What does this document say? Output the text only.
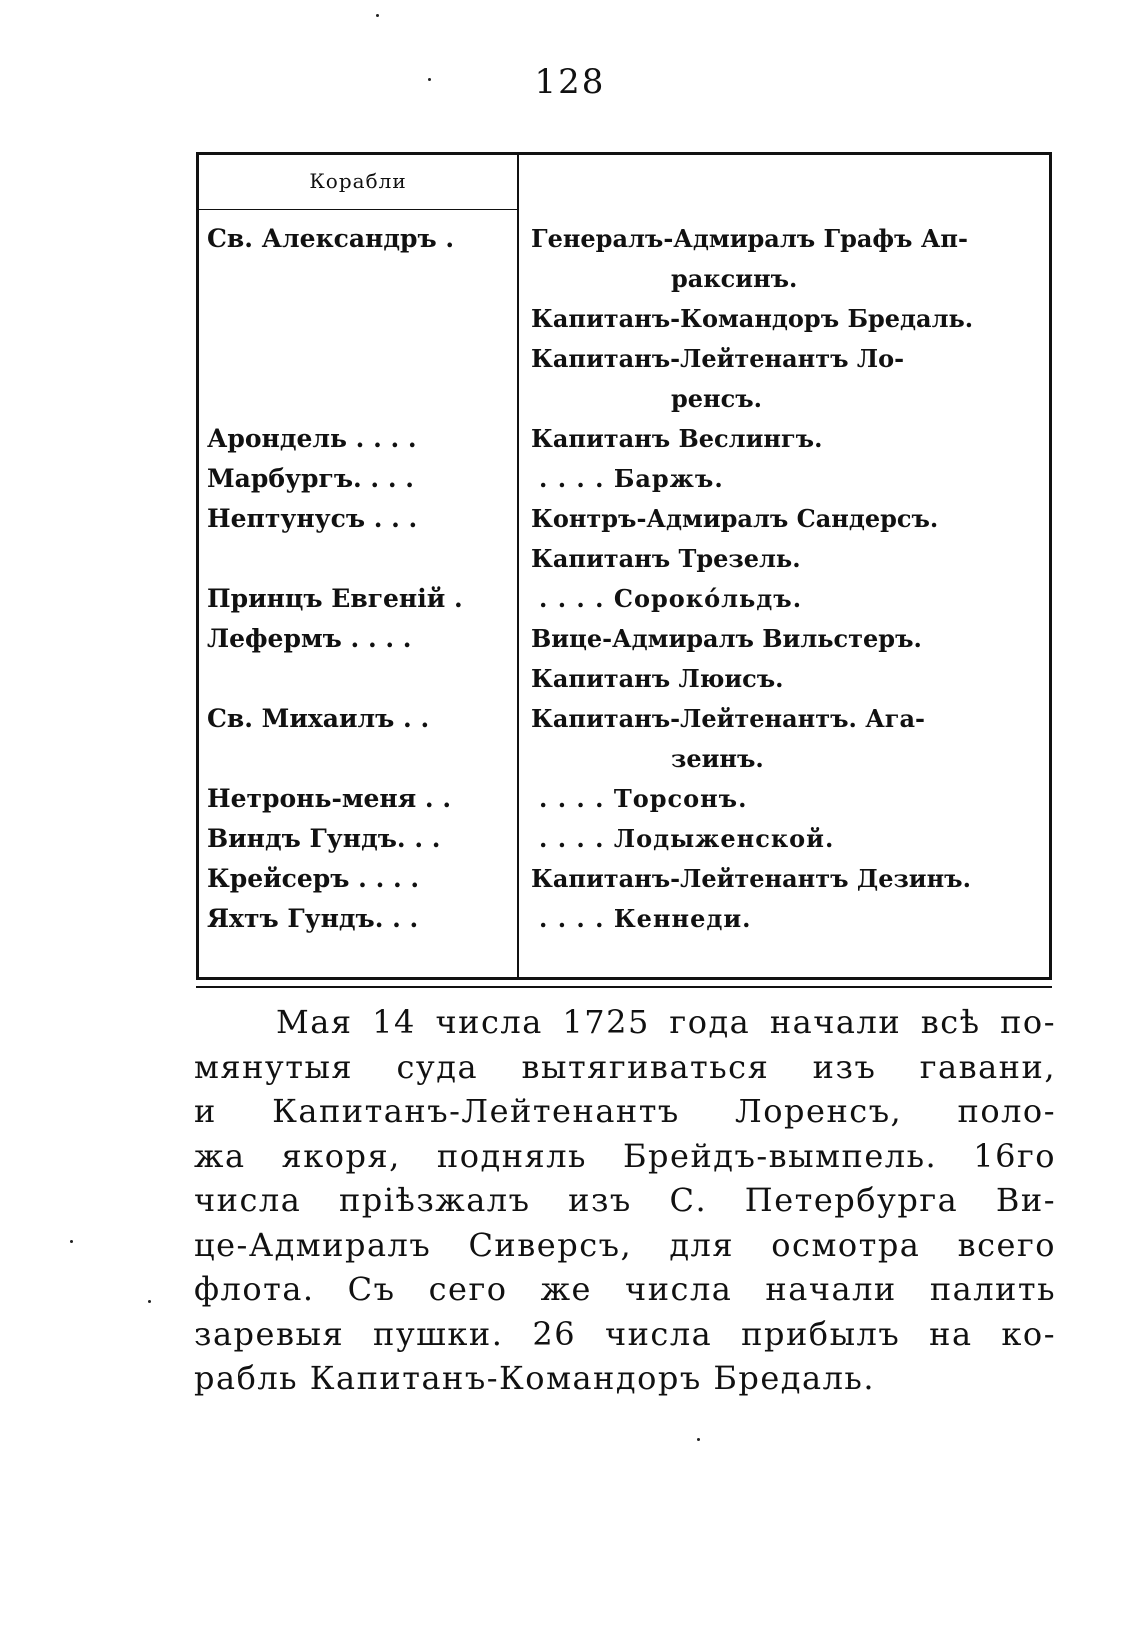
128
Корабли
Св. Александръ .	Генералъ-Адмиралъ Графъ Ап-
раксинъ.
Капитанъ-Командоръ Бредаль.
Капитанъ-Лейтенантъ Ло-
ренсъ.
Арондель . . . .	Капитанъ Веслингъ.
Марбургъ. . . .	. . . . Баржъ.
Нептунусъ . . .	Контръ-Адмиралъ Сандерсъ.
Капитанъ Трезель.
Принцъ Евгеній .	. . . . Сороко́льдъ.
Лефермъ . . . .	Вице-Адмиралъ Вильстеръ.
Капитанъ Люисъ.
Св. Михаилъ . .	Капитанъ-Лейтенантъ. Ага-
зеинъ.
Нетронь-меня . .	. . . . Торсонъ.
Виндъ Гундъ. . .	. . . . Лодыженской.
Крейсеръ . . . .	Капитанъ-Лейтенантъ Дезинъ.
Яхтъ Гундъ. . .	. . . . Кеннеди.
Мая 14 числа 1725 года начали всѣ по-
мянутыя суда вытягиваться изъ гавани,
и Капитанъ-Лейтенантъ Лоренсъ, поло-
жа якоря, подняль Брейдъ-вымпель. 16го
числа пріѣзжалъ изъ С. Петербурга Ви-
це-Адмиралъ Сиверсъ, для осмотра всего
флота. Съ сего же числа начали палить
заревыя пушки. 26 числа прибылъ на ко-
рабль Капитанъ-Командоръ Бредаль.
